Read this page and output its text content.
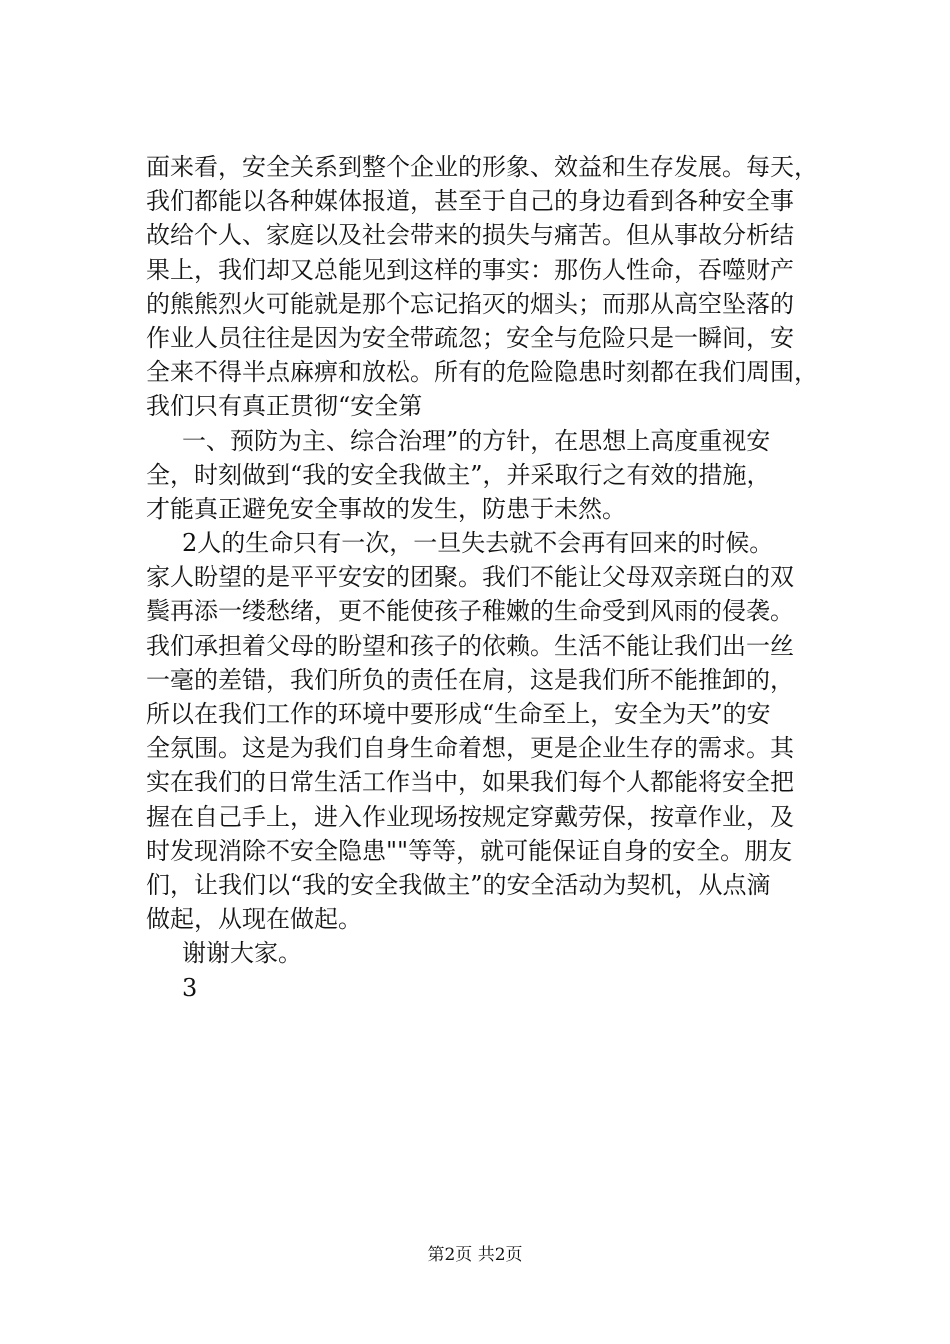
面来看，安全关系到整个企业的形象、效益和生存发展。每天，
我们都能以各种媒体报道，甚至于自己的身边看到各种安全事
故给个人、家庭以及社会带来的损失与痛苦。但从事故分析结
果上，我们却又总能见到这样的事实：那伤人性命，吞噬财产
的熊熊烈火可能就是那个忘记掐灭的烟头；而那从高空坠落的
作业人员往往是因为安全带疏忽；安全与危险只是一瞬间，安
全来不得半点麻痹和放松。所有的危险隐患时刻都在我们周围，
我们只有真正贯彻“安全第
一、预防为主、综合治理”的方针，在思想上高度重视安
全，时刻做到“我的安全我做主”，并采取行之有效的措施，
才能真正避免安全事故的发生，防患于未然。
2人的生命只有一次，一旦失去就不会再有回来的时候。
家人盼望的是平平安安的团聚。我们不能让父母双亲斑白的双
鬓再添一缕愁绪，更不能使孩子稚嫩的生命受到风雨的侵袭。
我们承担着父母的盼望和孩子的依赖。生活不能让我们出一丝
一毫的差错，我们所负的责任在肩，这是我们所不能推卸的，
所以在我们工作的环境中要形成“生命至上，安全为天”的安
全氛围。这是为我们自身生命着想，更是企业生存的需求。其
实在我们的日常生活工作当中，如果我们每个人都能将安全把
握在自己手上，进入作业现场按规定穿戴劳保，按章作业，及
时发现消除不安全隐患""等等，就可能保证自身的安全。朋友
们，让我们以“我的安全我做主”的安全活动为契机，从点滴
做起，从现在做起。
谢谢大家。
3
第2页 共2页
